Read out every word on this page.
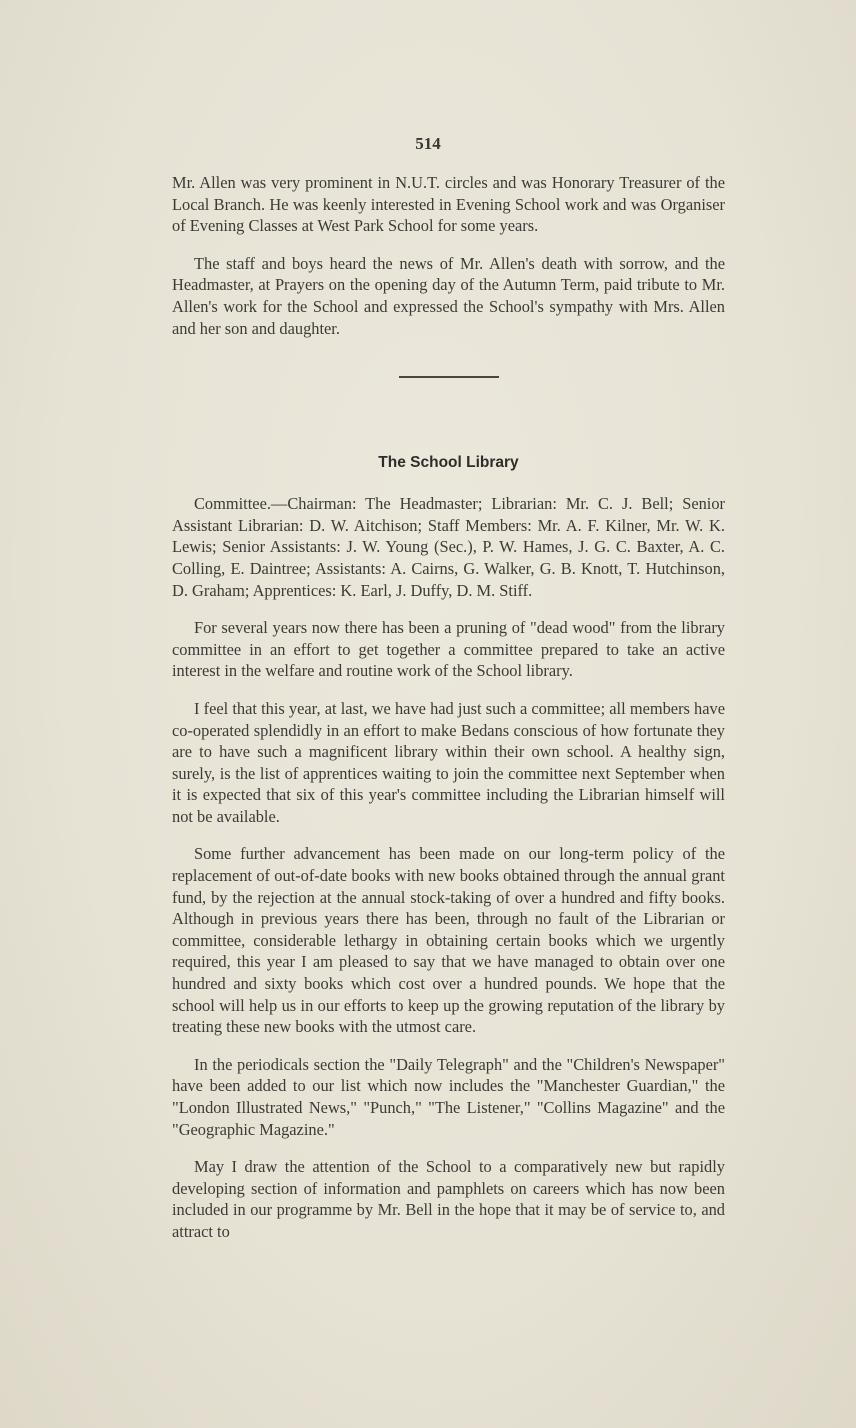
514

Mr. Allen was very prominent in N.U.T. circles and was Honorary Treasurer of the Local Branch. He was keenly interested in Evening School work and was Organiser of Evening Classes at West Park School for some years.

The staff and boys heard the news of Mr. Allen's death with sorrow, and the Headmaster, at Prayers on the opening day of the Autumn Term, paid tribute to Mr. Allen's work for the School and expressed the School's sympathy with Mrs. Allen and her son and daughter.

The School Library

Committee.—Chairman: The Headmaster; Librarian: Mr. C. J. Bell; Senior Assistant Librarian: D. W. Aitchison; Staff Members: Mr. A. F. Kilner, Mr. W. K. Lewis; Senior Assistants: J. W. Young (Sec.), P. W. Hames, J. G. C. Baxter, A. C. Colling, E. Daintree; Assistants: A. Cairns, G. Walker, G. B. Knott, T. Hutchinson, D. Graham; Apprentices: K. Earl, J. Duffy, D. M. Stiff.

For several years now there has been a pruning of "dead wood" from the library committee in an effort to get together a committee prepared to take an active interest in the welfare and routine work of the School library.

I feel that this year, at last, we have had just such a committee; all members have co-operated splendidly in an effort to make Bedans conscious of how fortunate they are to have such a magnificent library within their own school. A healthy sign, surely, is the list of apprentices waiting to join the committee next September when it is expected that six of this year's committee including the Librarian himself will not be available.

Some further advancement has been made on our long-term policy of the replacement of out-of-date books with new books obtained through the annual grant fund, by the rejection at the annual stock-taking of over a hundred and fifty books. Although in previous years there has been, through no fault of the Librarian or committee, considerable lethargy in obtaining certain books which we urgently required, this year I am pleased to say that we have managed to obtain over one hundred and sixty books which cost over a hundred pounds. We hope that the school will help us in our efforts to keep up the growing reputation of the library by treating these new books with the utmost care.

In the periodicals section the "Daily Telegraph" and the "Children's Newspaper" have been added to our list which now includes the "Manchester Guardian," the "London Illustrated News," "Punch," "The Listener," "Collins Magazine" and the "Geographic Magazine."

May I draw the attention of the School to a comparatively new but rapidly developing section of information and pamphlets on careers which has now been included in our programme by Mr. Bell in the hope that it may be of service to, and attract to
